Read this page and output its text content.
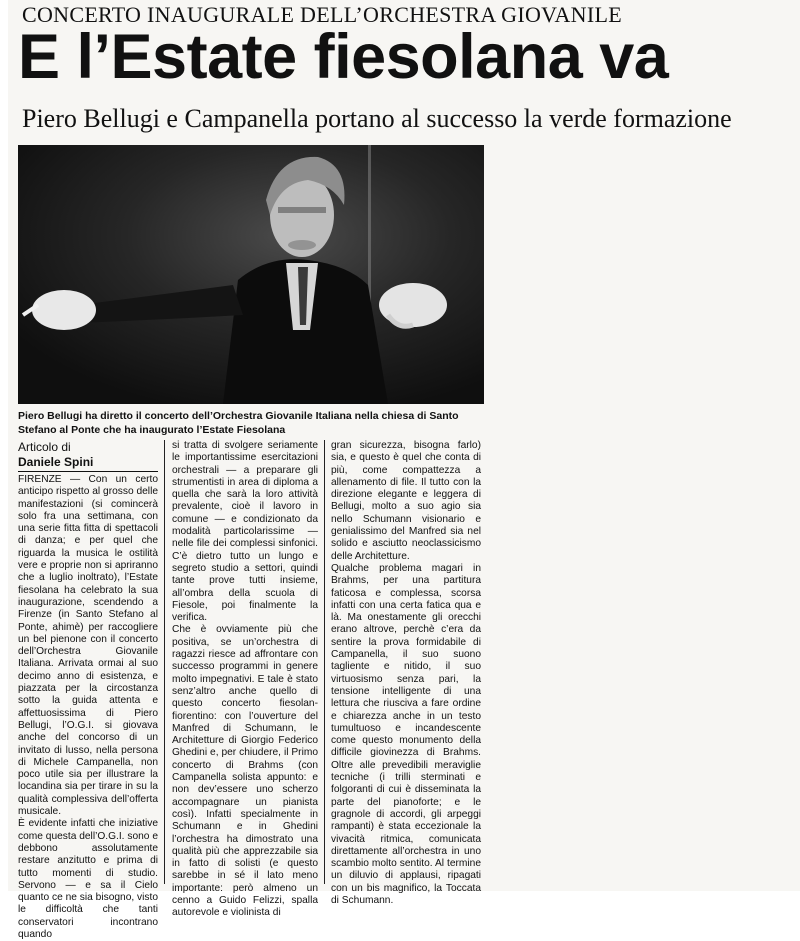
CONCERTO INAUGURALE DELL’ORCHESTRA GIOVANILE
E l’Estate fiesolana va
Piero Bellugi e Campanella portano al successo la verde formazione
Piero Bellugi ha diretto il concerto dell’Orchestra Giovanile Italiana nella chiesa di Santo Stefano al Ponte che ha inaugurato l’Estate Fiesolana
Articolo di
Daniele Spini

FIRENZE — Con un certo anticipo rispetto al grosso delle manifestazioni (si comincerà solo fra una settimana, con una serie fitta fitta di spettacoli di danza; e per quel che riguarda la musica le ostilità vere e proprie non si apriranno che a luglio inoltrato), l’Estate fiesolana ha celebrato la sua inaugurazione, scendendo a Firenze (in Santo Stefano al Ponte, ahimè) per raccogliere un bel pienone con il concerto dell’Orchestra Giovanile Italiana. Arrivata ormai al suo decimo anno di esistenza, e piazzata per la circostanza sotto la guida attenta e affettuosissima di Piero Bellugi, l’O.G.I. si giovava anche del concorso di un invitato di lusso, nella persona di Michele Campanella, non poco utile sia per illustrare la locandina sia per tirare in su la qualità complessiva dell’offerta musicale.

È evidente infatti che iniziative come questa dell’O.G.I. sono e debbono assolutamente restare anzitutto e prima di tutto momenti di studio. Servono — e sa il Cielo quanto ce ne sia bisogno, visto le difficoltà che tanti conservatori incontrano quando

si tratta di svolgere seriamente le importantissime esercitazioni orchestrali — a preparare gli strumentisti in area di diploma a quella che sarà la loro attività prevalente, cioè il lavoro in comune — e condizionato da modalità particolarissime — nelle file dei complessi sinfonici. C’è dietro tutto un lungo e segreto studio a settori, quindi tante prove tutti insieme, all’ombra della scuola di Fiesole, poi finalmente la verifica.

Che è ovviamente più che positiva, se un’orchestra di ragazzi riesce ad affrontare con successo programmi in genere molto impegnativi. E tale è stato senz’altro anche quello di questo concerto fiesolan-fiorentino: con l’ouverture del Manfred di Schumann, le Architetture di Giorgio Federico Ghedini e, per chiudere, il Primo concerto di Brahms (con Campanella solista appunto: e non dev’essere uno scherzo accompagnare un pianista così). Infatti specialmente in Schumann e in Ghedini l’orchestra ha dimostrato una qualità più che apprezzabile sia in fatto di solisti (e questo sarebbe in sé il lato meno importante: però almeno un cenno a Guido Felizzi, spalla autorevole e violinista di

gran sicurezza, bisogna farlo) sia, e questo è quel che conta di più, come compattezza a allenamento di file. Il tutto con la direzione elegante e leggera di Bellugi, molto a suo agio sia nello Schumann visionario e genialissimo del Manfred sia nel solido e asciutto neoclassicismo delle Architetture.

Qualche problema magari in Brahms, per una partitura faticosa e complessa, scorsa infatti con una certa fatica qua e là. Ma onestamente gli orecchi erano altrove, perchè c’era da sentire la prova formidabile di Campanella, il suo suono tagliente e nitido, il suo virtuosismo senza pari, la tensione intelligente di una lettura che riusciva a fare ordine e chiarezza anche in un testo tumultuoso e incandescente come questo monumento della difficile giovinezza di Brahms. Oltre alle prevedibili meraviglie tecniche (i trilli sterminati e folgoranti di cui è disseminata la parte del pianoforte; e le gragnole di accordi, gli arpeggi rampanti) è stata eccezionale la vivacità ritmica, comunicata direttamente all’orchestra in uno scambio molto sentito. Al termine un diluvio di applausi, ripagati con un bis magnifico, la Toccata di Schumann.
